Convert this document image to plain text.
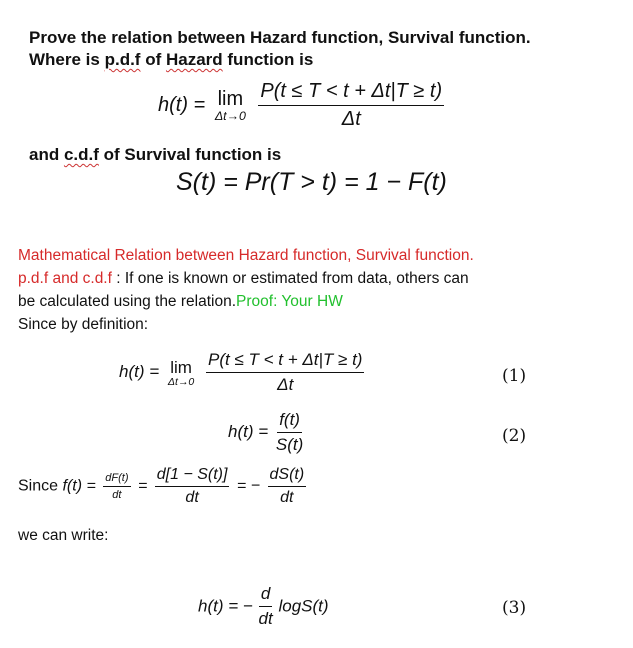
Prove the relation between Hazard function, Survival function.
Where is p.d.f of Hazard function is
h(t) = lim
Δt→0
$\frac{P(t \le T < t + \Delta t|T \ge t)}{\Delta t}$
and c.d.f of Survival function is
S(t) = Pr(T > t) = 1 − F(t)
Mathematical Relation between Hazard function, Survival function.
p.d.f and c.d.f : If one is known or estimated from data, others can
be calculated using the relation.Proof: Your HW
Since by definition:
h(t) = lim
Δt→0
$\frac{P(t \le T < t + \Delta t|T \ge t)}{\Delta t}$	(1)
$h(t) = \frac{f(t)}{S(t)}$	(2)
Since $f(t) = \frac{dF(t)}{dt} = \frac{d[1 - S(t)]}{dt}$ = − $\frac{dS(t)}{dt}$
we can write:
h(t) = − $\frac{d}{dt} \log S(t)$	(3)
